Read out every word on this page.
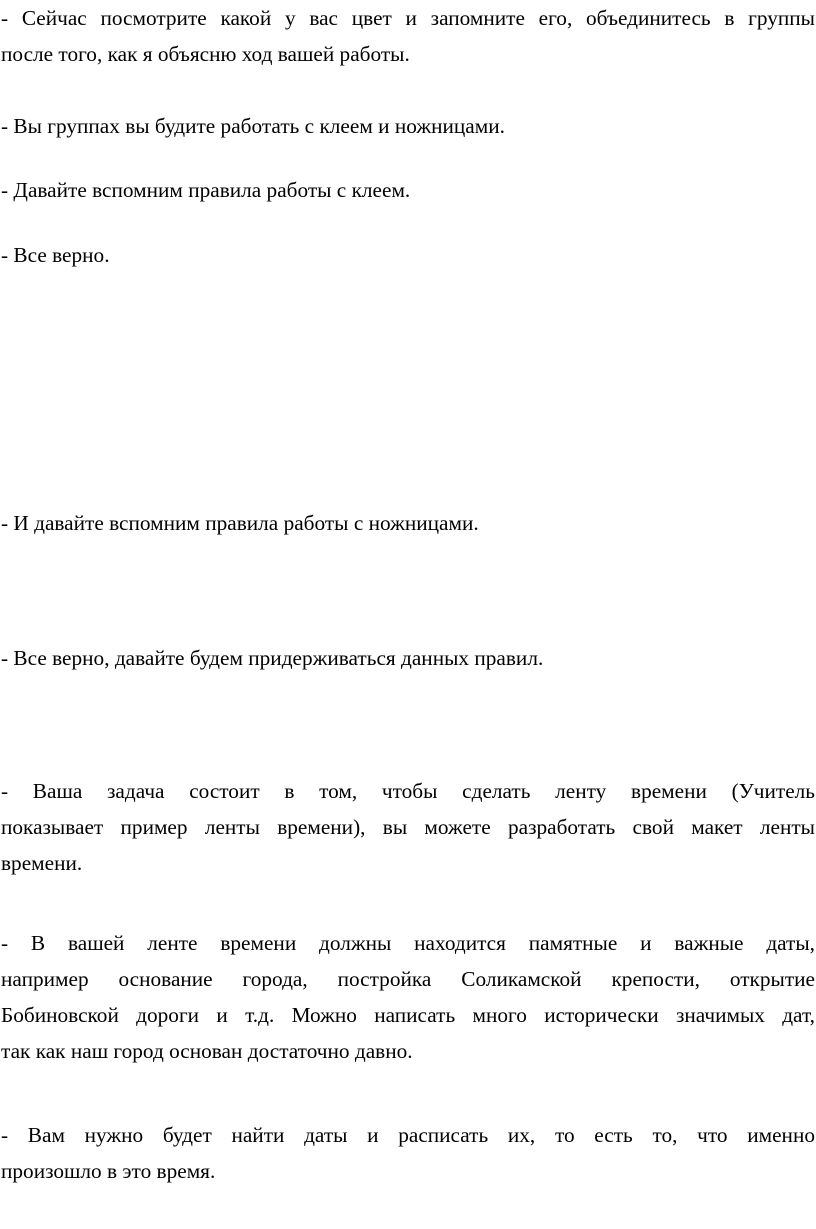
- Сейчас посмотрите какой у вас цвет и запомните его, объединитесь в группы
после того, как я объясню ход вашей работы.

- Вы группах вы будите работать с клеем и ножницами.

- Давайте вспомним правила работы с клеем.

- Все верно.

- И давайте вспомним правила работы с ножницами.

- Все верно, давайте будем придерживаться данных правил.

- Ваша задача состоит в том, чтобы сделать ленту времени (Учитель
показывает пример ленты времени), вы можете разработать свой макет ленты
времени.

- В вашей ленте времени должны находится памятные и важные даты,
например основание города, постройка Соликамской крепости, открытие
Бобиновской дороги и т.д. Можно написать много исторически значимых дат,
так как наш город основан достаточно давно.

- Вам нужно будет найти даты и расписать их, то есть то, что именно
произошло в это время.
